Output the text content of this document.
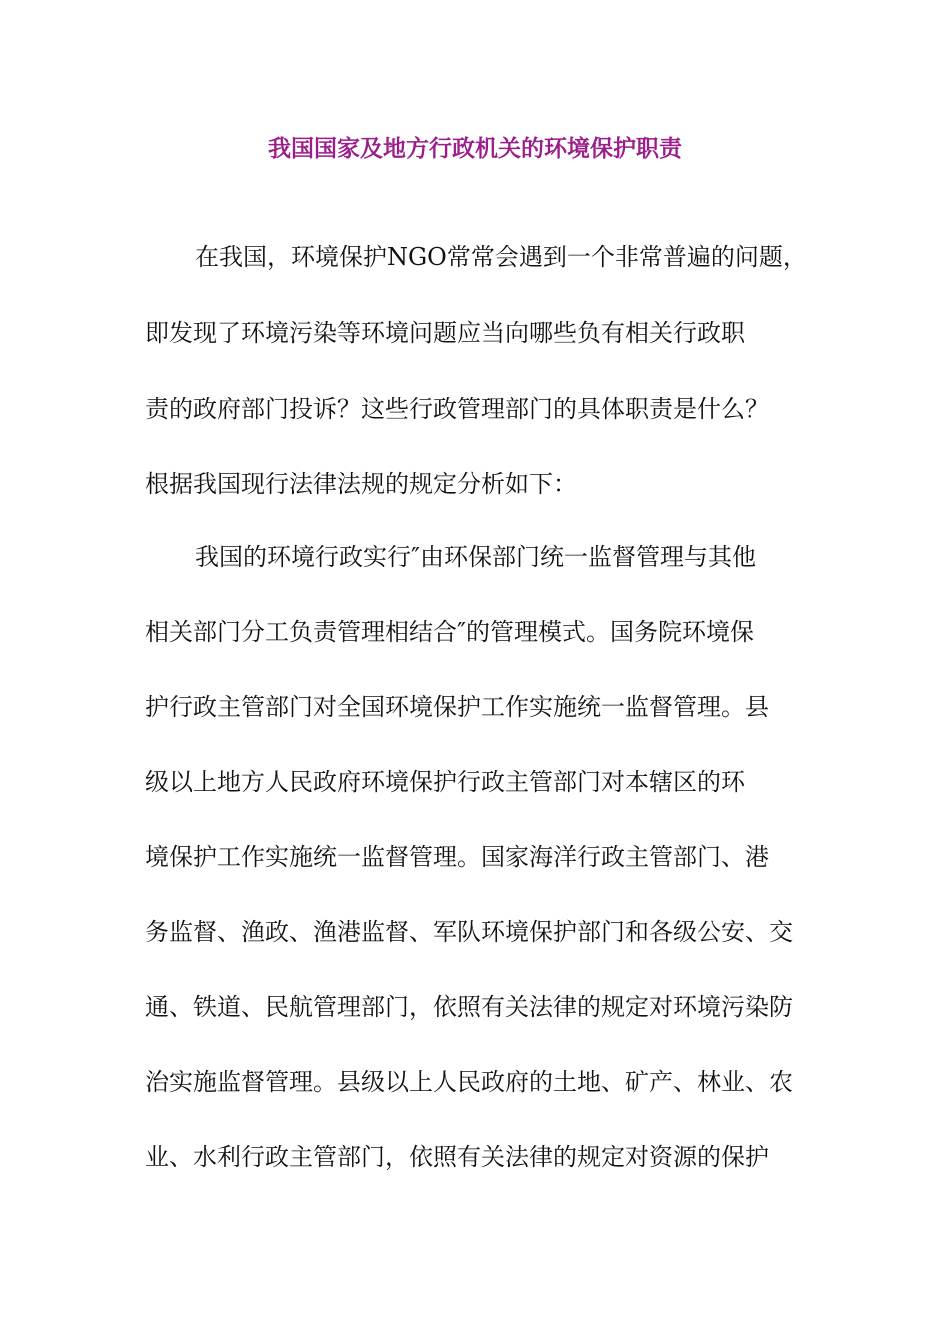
我国国家及地方行政机关的环境保护职责
在我国，环境保护NGO常常会遇到一个非常普遍的问题，
即发现了环境污染等环境问题应当向哪些负有相关行政职
责的政府部门投诉？这些行政管理部门的具体职责是什么？
根据我国现行法律法规的规定分析如下：
我国的环境行政实行″由环保部门统一监督管理与其他
相关部门分工负责管理相结合″的管理模式。国务院环境保
护行政主管部门对全国环境保护工作实施统一监督管理。县
级以上地方人民政府环境保护行政主管部门对本辖区的环
境保护工作实施统一监督管理。国家海洋行政主管部门、港
务监督、渔政、渔港监督、军队环境保护部门和各级公安、交
通、铁道、民航管理部门，依照有关法律的规定对环境污染防
治实施监督管理。县级以上人民政府的土地、矿产、林业、农
业、水利行政主管部门，依照有关法律的规定对资源的保护
